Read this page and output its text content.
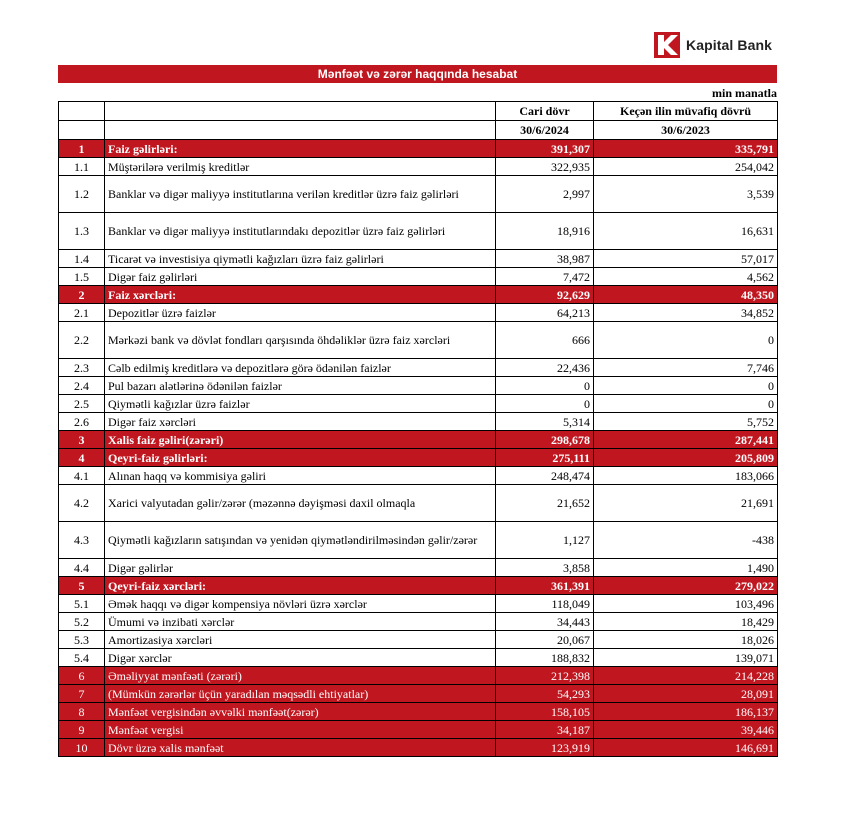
Kapital Bank
Mənfəət və zərər haqqında hesabat
min manatla
		Cari dövr	Keçən ilin müvafiq dövrü
		30/6/2024	30/6/2023
1	Faiz gəlirləri:	391,307	335,791
1.1	Müştərilərə verilmiş kreditlər	322,935	254,042
1.2	Banklar və digər maliyyə institutlarına verilən kreditlər üzrə faiz gəlirləri	2,997	3,539
1.3	Banklar və digər maliyyə institutlarındakı depozitlər üzrə faiz gəlirləri	18,916	16,631
1.4	Ticarət və investisiya qiymətli kağızları üzrə faiz gəlirləri	38,987	57,017
1.5	Digər faiz gəlirləri	7,472	4,562
2	Faiz xərcləri:	92,629	48,350
2.1	Depozitlər üzrə faizlər	64,213	34,852
2.2	Mərkəzi bank və dövlət fondları qarşısında öhdəliklər üzrə faiz xərcləri	666	0
2.3	Cəlb edilmiş kreditlərə və depozitlərə görə ödənilən faizlər	22,436	7,746
2.4	Pul bazarı alətlərinə ödənilən faizlər	0	0
2.5	Qiymətli kağızlar üzrə faizlər	0	0
2.6	Digər faiz xərcləri	5,314	5,752
3	Xalis faiz gəliri(zərəri)	298,678	287,441
4	Qeyri-faiz gəlirləri:	275,111	205,809
4.1	Alınan haqq və kommisiya gəliri	248,474	183,066
4.2	Xarici valyutadan gəlir/zərər (məzənnə dəyişməsi daxil olmaqla	21,652	21,691
4.3	Qiymətli kağızların satışından və yenidən qiymətləndirilməsindən gəlir/zərər	1,127	-438
4.4	Digər gəlirlər	3,858	1,490
5	Qeyri-faiz xərcləri:	361,391	279,022
5.1	Əmək haqqı və digər kompensiya növləri üzrə xərclər	118,049	103,496
5.2	Ümumi və inzibati xərclər	34,443	18,429
5.3	Amortizasiya xərcləri	20,067	18,026
5.4	Digər xərclər	188,832	139,071
6	Əməliyyat mənfəəti (zərəri)	212,398	214,228
7	(Mümkün zərərlər üçün yaradılan məqsədli ehtiyatlar)	54,293	28,091
8	Mənfəət vergisindən əvvəlki mənfəət(zərər)	158,105	186,137
9	Mənfəət vergisi	34,187	39,446
10	Dövr üzrə xalis mənfəət	123,919	146,691
